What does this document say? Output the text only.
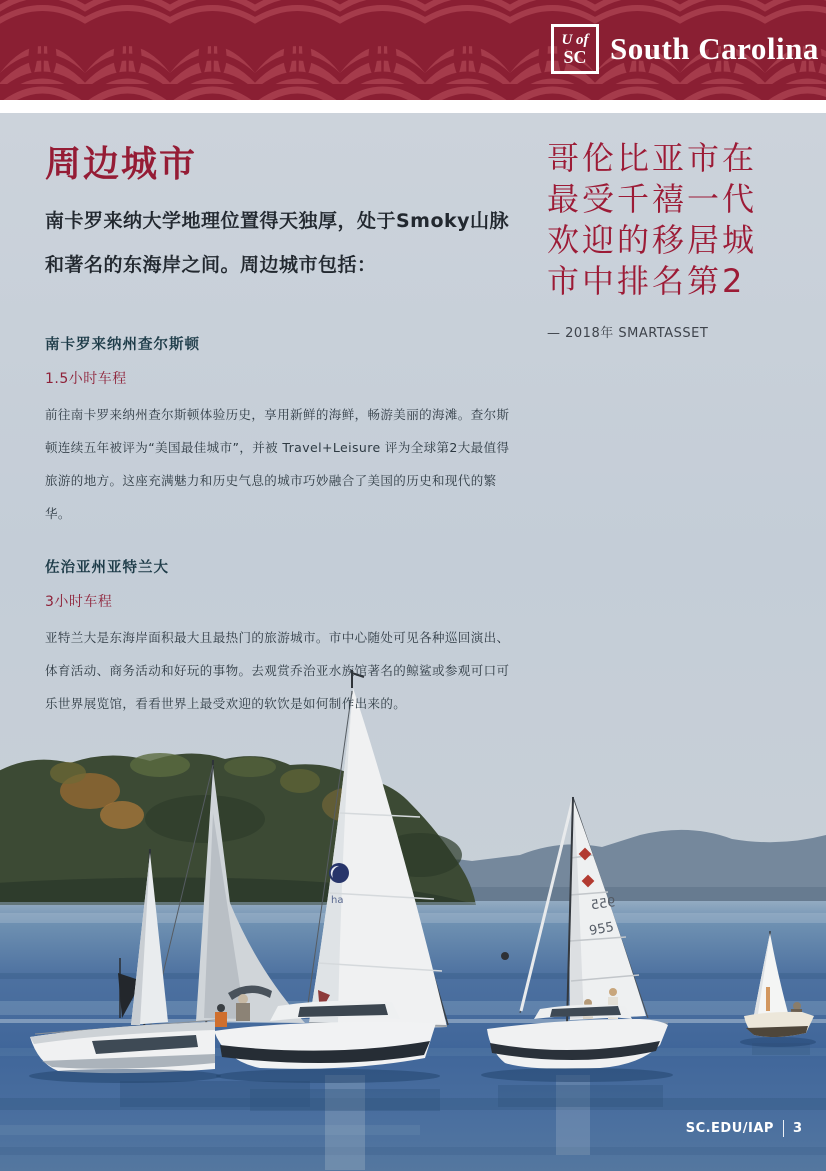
U of
SC South Carolina
ha	955
955
周边城市

南卡罗来纳大学地理位置得天独厚，处于Smoky山脉和著名的东海岸之间。周边城市包括：

南卡罗来纳州查尔斯顿

1.5小时车程

前往南卡罗来纳州查尔斯顿体验历史，享用新鲜的海鲜，畅游美丽的海滩。查尔斯顿连续五年被评为“美国最佳城市”，并被 Travel+Leisure 评为全球第2大最值得旅游的地方。这座充满魅力和历史气息的城市巧妙融合了美国的历史和现代的繁华。

佐治亚州亚特兰大

3小时车程

亚特兰大是东海岸面积最大且最热门的旅游城市。市中心随处可见各种巡回演出、体育活动、商务活动和好玩的事物。去观赏乔治亚水族馆著名的鲸鲨或参观可口可乐世界展览馆，看看世界上最受欢迎的软饮是如何制作出来的。

哥伦比亚市在最受千禧一代欢迎的移居城市中排名第2

— 2018年 SMARTASSET

SC.EDU/IAP 3
